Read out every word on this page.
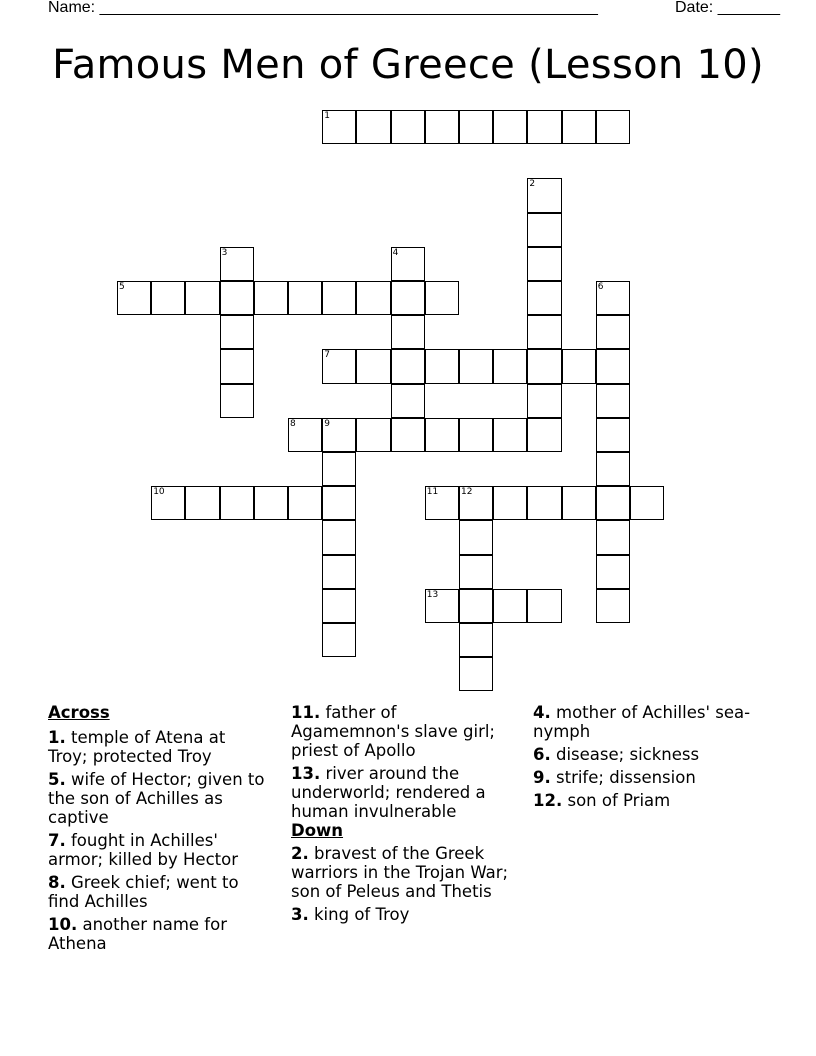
Name: ________________________________________________________	Date: _______
Famous Men of Greece (Lesson 10)
1
5
7
8	9
10	11	12
13
2
3	4
6
Across
1. temple of Atena at Troy; protected Troy
5. wife of Hector; given to the son of Achilles as captive
7. fought in Achilles' armor; killed by Hector
8. Greek chief; went to find Achilles
10. another name for Athena
11. father of Agamemnon's slave girl; priest of Apollo
13. river around the underworld; rendered a human invulnerable
Down
2. bravest of the Greek warriors in the Trojan War; son of Peleus and Thetis
3. king of Troy
4. mother of Achilles' sea-nymph
6. disease; sickness
9. strife; dissension
12. son of Priam
